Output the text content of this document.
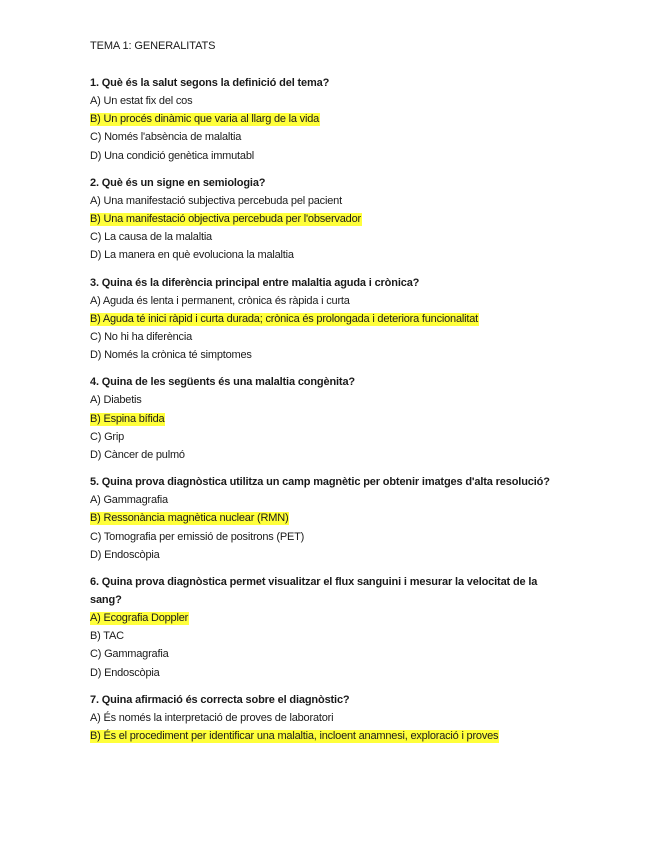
TEMA 1: GENERALITATS
1. Què és la salut segons la definició del tema?
A) Un estat fix del cos
B) Un procés dinàmic que varia al llarg de la vida
C) Només l'absència de malaltia
D) Una condició genètica immutabl
2. Què és un signe en semiologia?
A) Una manifestació subjectiva percebuda pel pacient
B) Una manifestació objectiva percebuda per l'observador
C) La causa de la malaltia
D) La manera en què evoluciona la malaltia
3. Quina és la diferència principal entre malaltia aguda i crònica?
A) Aguda és lenta i permanent, crònica és ràpida i curta
B) Aguda té inici ràpid i curta durada; crònica és prolongada i deteriora funcionalitat
C) No hi ha diferència
D) Només la crònica té simptomes
4. Quina de les següents és una malaltia congènita?
A) Diabetis
B) Espina bífida
C) Grip
D) Càncer de pulmó
5. Quina prova diagnòstica utilitza un camp magnètic per obtenir imatges d'alta resolució?
A) Gammagrafia
B) Ressonància magnètica nuclear (RMN)
C) Tomografia per emissió de positrons (PET)
D) Endoscòpia
6. Quina prova diagnòstica permet visualitzar el flux sanguini i mesurar la velocitat de la sang?
A) Ecografia Doppler
B) TAC
C) Gammagrafia
D) Endoscòpia
7. Quina afirmació és correcta sobre el diagnòstic?
A) És només la interpretació de proves de laboratori
B) És el procediment per identificar una malaltia, incloent anamnesi, exploració i proves
